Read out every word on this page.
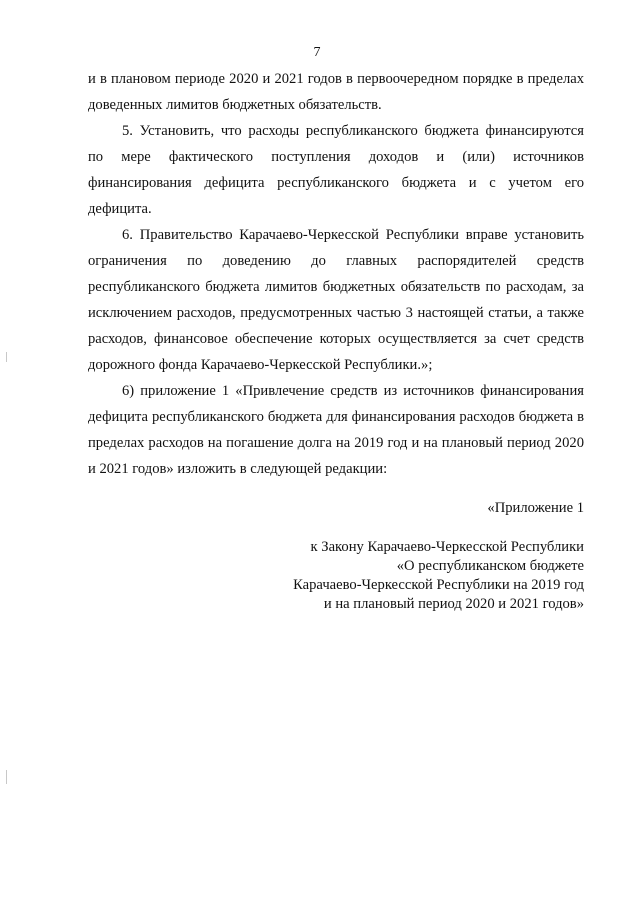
7

и в плановом периоде 2020 и 2021 годов в первоочередном порядке в пределах доведенных лимитов бюджетных обязательств.

5. Установить, что расходы республиканского бюджета финансируются по мере фактического поступления доходов и (или) источников финансирования дефицита республиканского бюджета и с учетом его дефицита.

6. Правительство Карачаево-Черкесской Республики вправе установить ограничения по доведению до главных распорядителей средств республиканского бюджета лимитов бюджетных обязательств по расходам, за исключением расходов, предусмотренных частью 3 настоящей статьи, а также расходов, финансовое обеспечение которых осуществляется за счет средств дорожного фонда Карачаево-Черкесской Республики.»;

6) приложение 1 «Привлечение средств из источников финансирования дефицита республиканского бюджета для финансирования расходов бюджета в пределах расходов на погашение долга на 2019 год и на плановый период 2020 и 2021 годов» изложить в следующей редакции:

«Приложение 1
к Закону Карачаево-Черкесской Республики
«О республиканском бюджете
Карачаево-Черкесской Республики на 2019 год
и на плановый период 2020 и 2021 годов»
